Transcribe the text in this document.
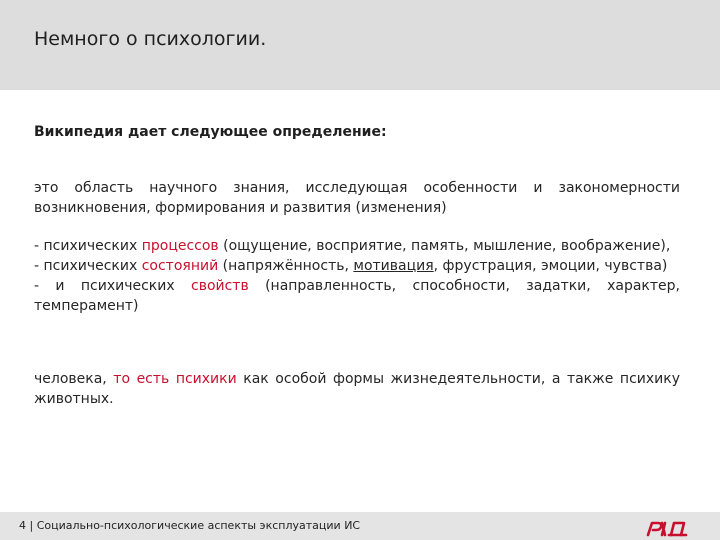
Немного о психологии.
Википедия дает следующее определение:
это область научного знания, исследующая особенности и закономерности возникновения, формирования и развития (изменения)
- психических процессов (ощущение, восприятие, память, мышление, воображение),
- психических состояний (напряжённость, мотивация, фрустрация, эмоции, чувства)
- и психических свойств (направленность, способности, задатки, характер, темперамент)
человека, то есть психики как особой формы жизнедеятельности, а также психику животных.
4 | Социально-психологические аспекты эксплуатации ИС
